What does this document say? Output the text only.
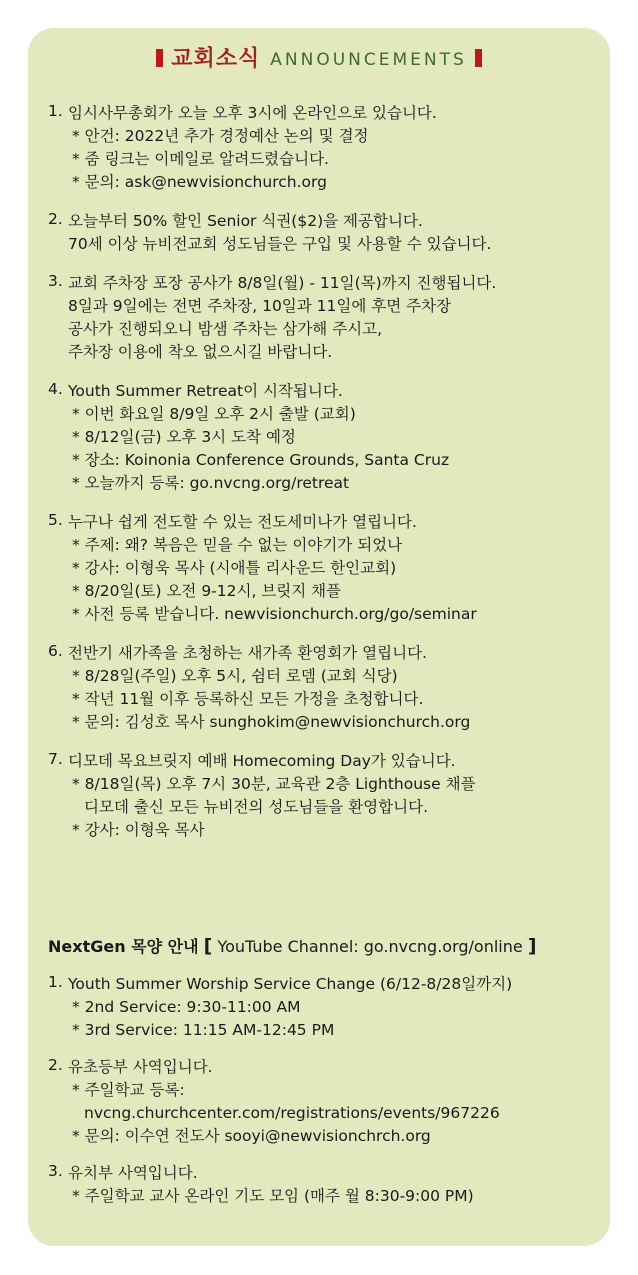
교회소식 ANNOUNCEMENTS
1. 임시사무총회가 오늘 오후 3시에 온라인으로 있습니다.
* 안건: 2022년 추가 경정예산 논의 및 결정
* 줌 링크는 이메일로 알려드렸습니다.
* 문의: ask@newvisionchurch.org
2. 오늘부터 50% 할인 Senior 식권($2)을 제공합니다.
70세 이상 뉴비전교회 성도님들은 구입 및 사용할 수 있습니다.
3. 교회 주차장 포장 공사가 8/8일(월) - 11일(목)까지 진행됩니다.
8일과 9일에는 전면 주차장, 10일과 11일에 후면 주차장
공사가 진행되오니 밤샘 주차는 삼가해 주시고,
주차장 이용에 착오 없으시길 바랍니다.
4. Youth Summer Retreat이 시작됩니다.
* 이번 화요일 8/9일 오후 2시 출발 (교회)
* 8/12일(금) 오후 3시 도착 예정
* 장소: Koinonia Conference Grounds, Santa Cruz
* 오늘까지 등록: go.nvcng.org/retreat
5. 누구나 쉽게 전도할 수 있는 전도세미나가 열립니다.
* 주제: 왜? 복음은 믿을 수 없는 이야기가 되었나
* 강사: 이형욱 목사 (시애틀 리사운드 한인교회)
* 8/20일(토) 오전 9-12시, 브릿지 채플
* 사전 등록 받습니다. newvisionchurch.org/go/seminar
6. 전반기 새가족을 초청하는 새가족 환영회가 열립니다.
* 8/28일(주일) 오후 5시, 쉼터 로뎀 (교회 식당)
* 작년 11월 이후 등록하신 모든 가정을 초청합니다.
* 문의: 김성호 목사 sunghokim@newvisionchurch.org
7. 디모데 목요브릿지 예배 Homecoming Day가 있습니다.
* 8/18일(목) 오후 7시 30분, 교육관 2층 Lighthouse 채플
디모데 출신 모든 뉴비전의 성도님들을 환영합니다.
* 강사: 이형욱 목사
NextGen 목양 안내 [ YouTube Channel: go.nvcng.org/online ]
1. Youth Summer Worship Service Change (6/12-8/28일까지)
* 2nd Service: 9:30-11:00 AM
* 3rd Service: 11:15 AM-12:45 PM
2. 유초등부 사역입니다.
* 주일학교 등록:
nvcng.churchcenter.com/registrations/events/967226
* 문의: 이수연 전도사 sooyi@newvisionchrch.org
3. 유치부 사역입니다.
* 주일학교 교사 온라인 기도 모임 (매주 월 8:30-9:00 PM)
